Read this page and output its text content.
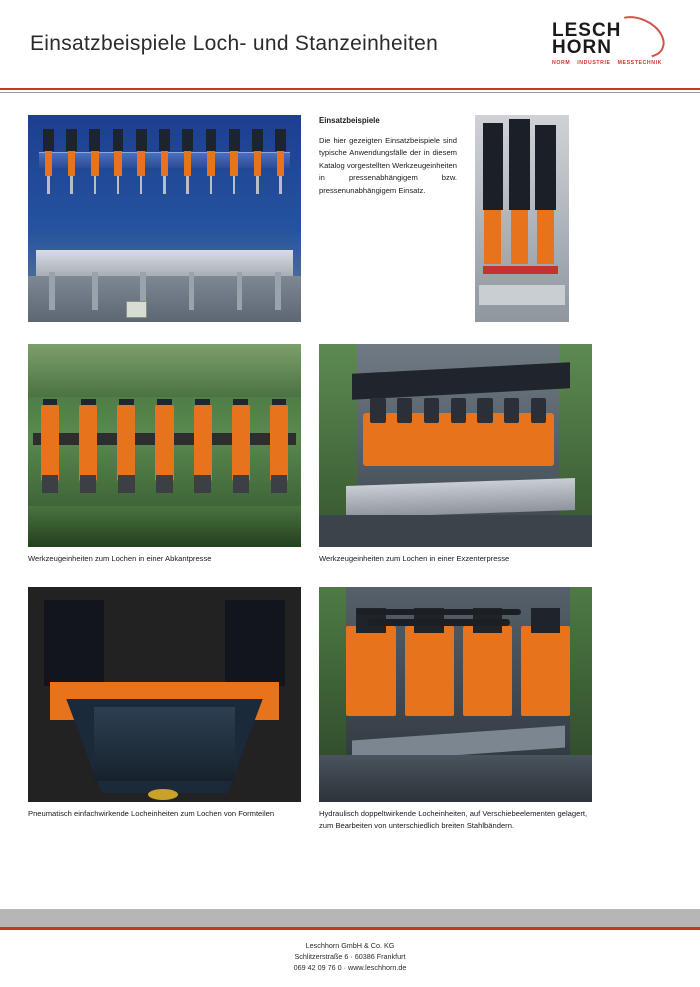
Einsatzbeispiele Loch- und Stanzeinheiten
LESCH
HORN
NORM INDUSTRIE MESSTECHNIK
Einsatzbeispiele

Die hier gezeigten Einsatzbeispiele sind typische Anwendungsfälle der in diesem Katalog vorgestellten Werkzeugeinheiten in pressenabhängigem bzw. pressenunabhängigem Einsatz.

Werkzeugeinheiten zum Lochen in einer Abkantpresse	Werkzeugeinheiten zum Lochen in einer Exzenterpresse
Pneumatisch einfachwirkende Locheinheiten zum Lochen von Formteilen	Hydraulisch doppeltwirkende Locheinheiten, auf Verschiebeelementen gelagert, zum Bearbeiten von unterschiedlich breiten Stahlbändern.
Leschhorn GmbH & Co. KG
Schlitzerstraße 6 · 60386 Frankfurt
069 42 09 76 0 · www.leschhorn.de
